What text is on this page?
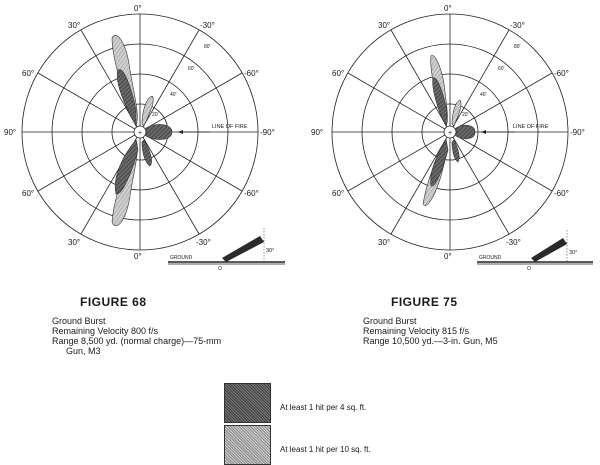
+
20'
40'
60'
80'
0°
30°	-30°
60°	-60°
90°	-90°
60°	-60°
30°	-30°
0°
LINE OF FIRE
30°
GROUND
O
FIGURE 68
Ground Burst
Remaining Velocity 800 f/s
Range 8,500 yd. (normal charge)—75-mm
Gun, M3
+
20'
40'
60'
80'
0°
30°	-30°
60°	-60°
90°	-90°
60°	-60°
30°	-30°
0°
LINE OF FIRE
30°
GROUND
O
FIGURE 75
Ground Burst
Remaining Velocity 815 f/s
Range 10,500 yd.—3-in. Gun, M5
At least 1 hit per 4 sq. ft.
At least 1 hit per 10 sq. ft.
